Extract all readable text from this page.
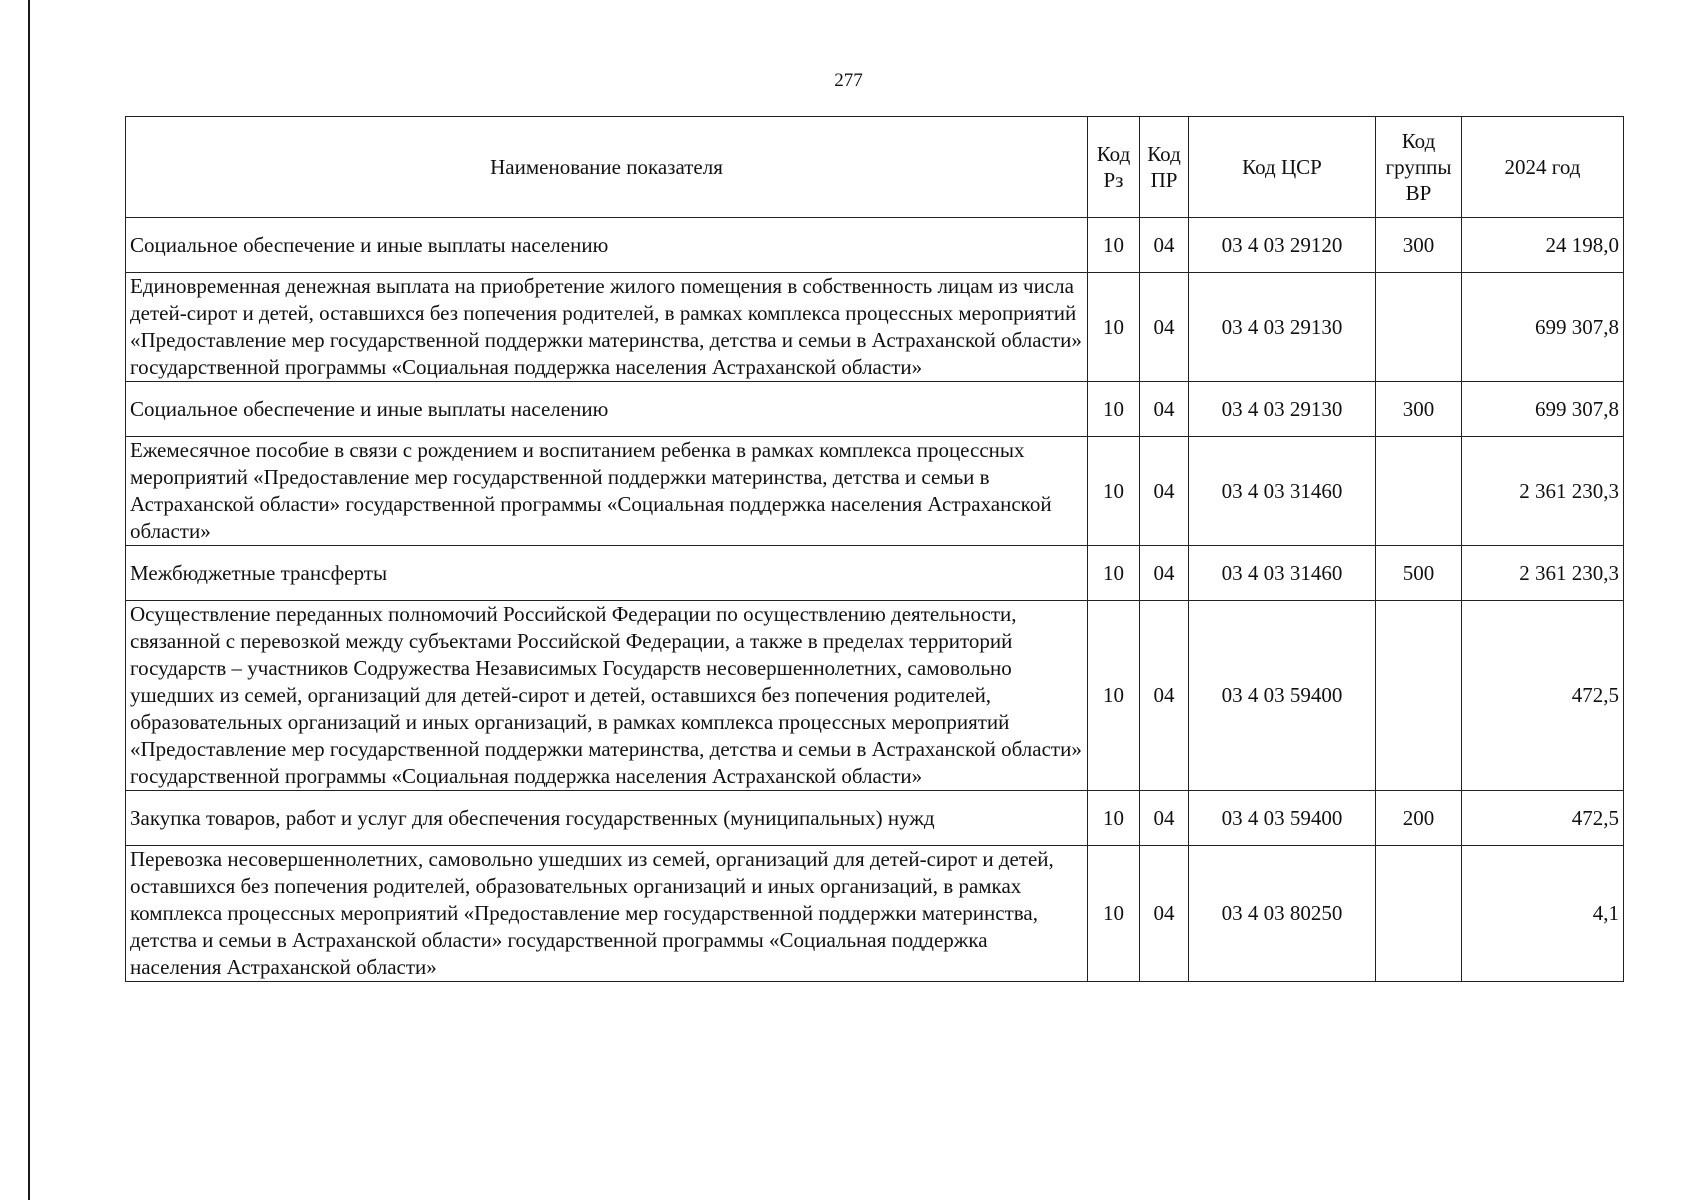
277
Наименование показателя	Код Рз	Код ПР	Код ЦСР	Код группы ВР	2024 год
Социальное обеспечение и иные выплаты населению	10	04	03 4 03 29120	300	24 198,0
Единовременная денежная выплата на приобретение жилого помещения в собственность лицам из числа детей-сирот и детей, оставшихся без попечения родителей, в рамках комплекса процессных мероприятий «Предоставление мер государственной поддержки материнства, детства и семьи в Астраханской области» государственной программы «Социальная поддержка населения Астраханской области»	10	04	03 4 03 29130		699 307,8
Социальное обеспечение и иные выплаты населению	10	04	03 4 03 29130	300	699 307,8
Ежемесячное пособие в связи с рождением и воспитанием ребенка в рамках комплекса процессных мероприятий «Предоставление мер государственной поддержки материнства, детства и семьи в Астраханской области» государственной программы «Социальная поддержка населения Астраханской области»	10	04	03 4 03 31460		2 361 230,3
Межбюджетные трансферты	10	04	03 4 03 31460	500	2 361 230,3
Осуществление переданных полномочий Российской Федерации по осуществлению деятельности, связанной с перевозкой между субъектами Российской Федерации, а также в пределах территорий государств – участников Содружества Независимых Государств несовершеннолетних, самовольно ушедших из семей, организаций для детей-сирот и детей, оставшихся без попечения родителей, образовательных организаций и иных организаций, в рамках комплекса процессных мероприятий «Предоставление мер государственной поддержки материнства, детства и семьи в Астраханской области» государственной программы «Социальная поддержка населения Астраханской области»	10	04	03 4 03 59400		472,5
Закупка товаров, работ и услуг для обеспечения государственных (муниципальных) нужд	10	04	03 4 03 59400	200	472,5
Перевозка несовершеннолетних, самовольно ушедших из семей, организаций для детей-сирот и детей, оставшихся без попечения родителей, образовательных организаций и иных организаций, в рамках комплекса процессных мероприятий «Предоставление мер государственной поддержки материнства, детства и семьи в Астраханской области» государственной программы «Социальная поддержка населения Астраханской области»	10	04	03 4 03 80250		4,1
